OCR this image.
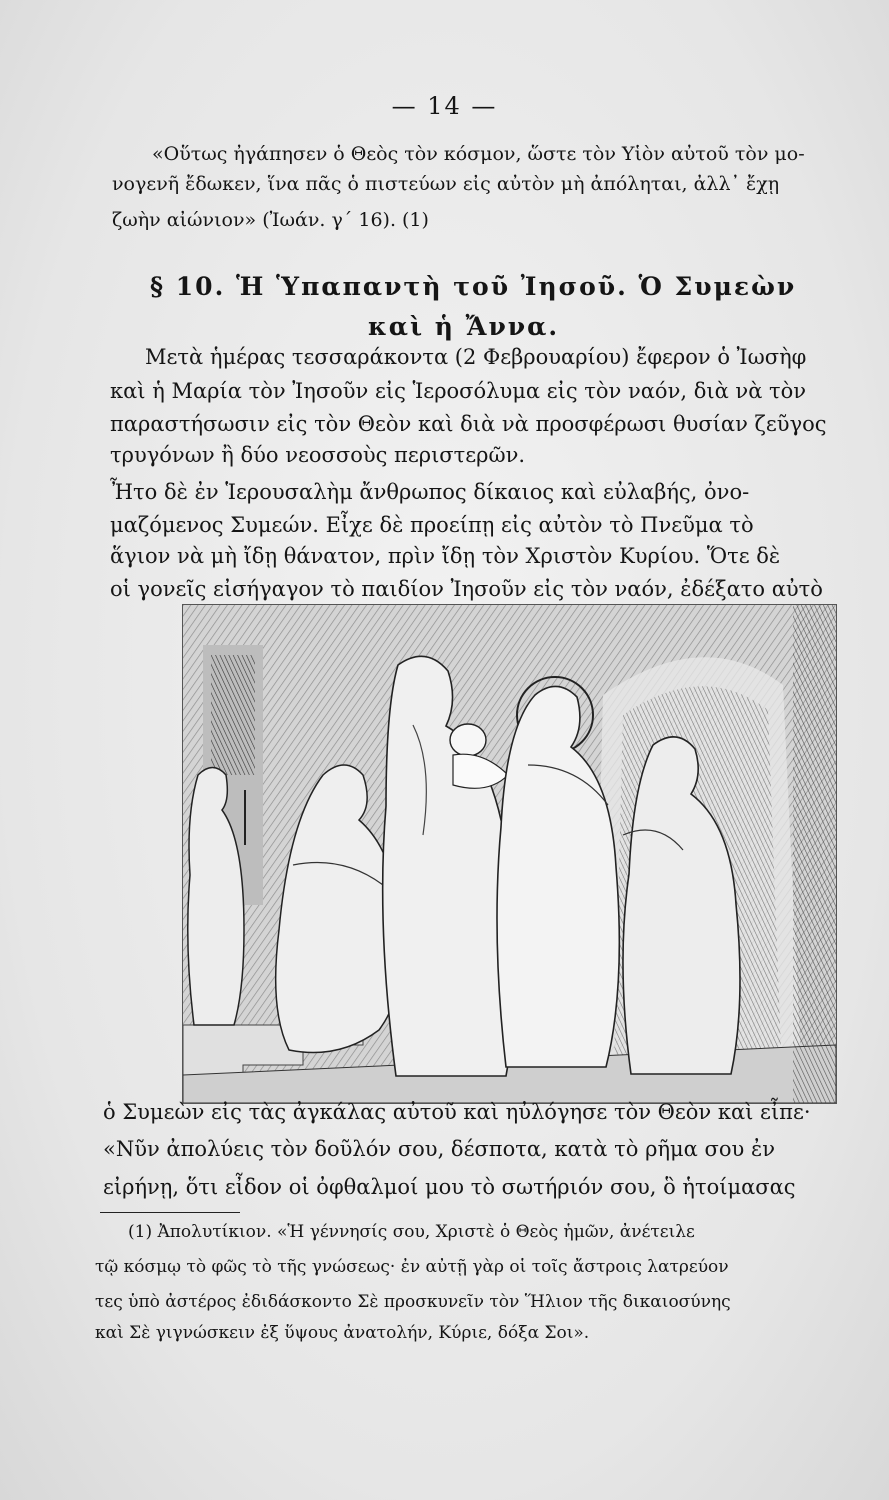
— 14 —
«Οὕτως ἠγάπησεν ὁ Θεὸς τὸν κόσμον, ὥστε τὸν Υἱὸν αὐτοῦ τὸν μο-
νογενῆ ἔδωκεν, ἵνα πᾶς ὁ πιστεύων εἰς αὐτὸν μὴ ἀπόληται, ἀλλ᾽ ἔχῃ
ζωὴν αἰώνιον» (Ἰωάν. γ´ 16). (1)
§ 10. Ἡ Ὑπαπαντὴ τοῦ Ἰησοῦ. Ὁ Συμεὼν
καὶ ἡ Ἄννα.
Μετὰ ἡμέρας τεσσαράκοντα (2 Φεβρουαρίου) ἔφερον ὁ Ἰωσὴφ
καὶ ἡ Μαρία τὸν Ἰησοῦν εἰς Ἱεροσόλυμα εἰς τὸν ναόν, διὰ νὰ τὸν
παραστήσωσιν εἰς τὸν Θεὸν καὶ διὰ νὰ προσφέρωσι θυσίαν ζεῦγος
τρυγόνων ἢ δύο νεοσσοὺς περιστερῶν.
Ἦτο δὲ ἐν Ἱερουσαλὴμ ἄνθρωπος δίκαιος καὶ εὐλαβής, ὀνο-
μαζόμενος Συμεών. Εἶχε δὲ προείπῃ εἰς αὐτὸν τὸ Πνεῦμα τὸ
ἅγιον νὰ μὴ ἴδῃ θάνατον, πρὶν ἴδῃ τὸν Χριστὸν Κυρίου. Ὅτε δὲ
οἱ γονεῖς εἰσήγαγον τὸ παιδίον Ἰησοῦν εἰς τὸν ναόν, ἐδέξατο αὐτὸ
ὁ Συμεὼν εἰς τὰς ἀγκάλας αὐτοῦ καὶ ηὐλόγησε τὸν Θεὸν καὶ εἶπε·
«Νῦν ἀπολύεις τὸν δοῦλόν σου, δέσποτα, κατὰ τὸ ρῆμα σου ἐν
εἰρήνῃ, ὅτι εἶδον οἱ ὀφθαλμοί μου τὸ σωτήριόν σου, ὃ ἡτοίμασας
(1) Ἀπολυτίκιον. «Ἡ γέννησίς σου, Χριστὲ ὁ Θεὸς ἡμῶν, ἀνέτειλε
τῷ κόσμῳ τὸ φῶς τὸ τῆς γνώσεως· ἐν αὐτῇ γὰρ οἱ τοῖς ἄστροις λατρεύον
τες ὑπὸ ἀστέρος ἐδιδάσκοντο Σὲ προσκυνεῖν τὸν Ἥλιον τῆς δικαιοσύνης
καὶ Σὲ γιγνώσκειν ἐξ ὕψους ἀνατολήν, Κύριε, δόξα Σοι».
